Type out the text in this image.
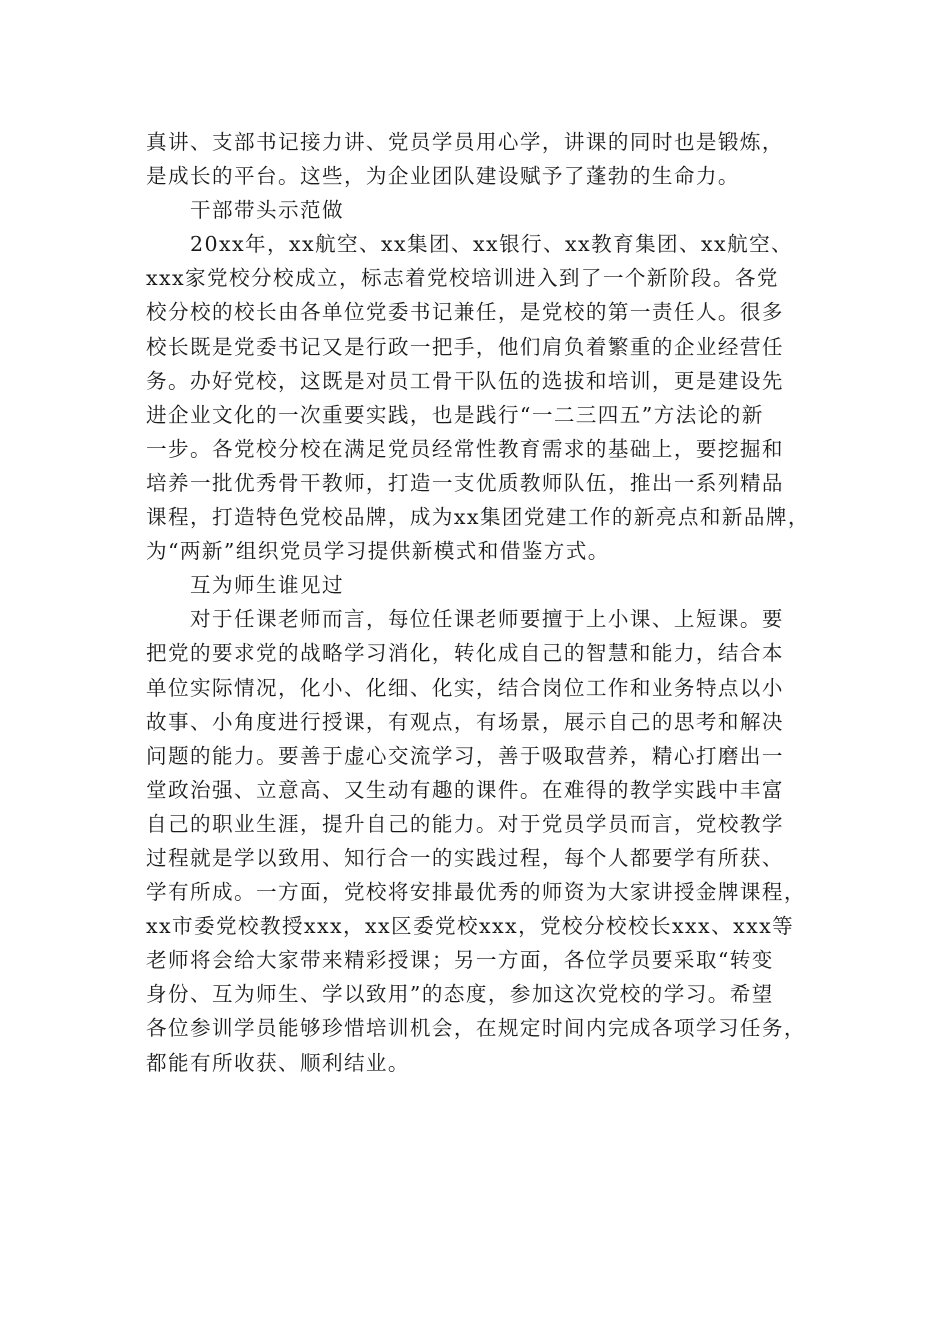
真讲、支部书记接力讲、党员学员用心学，讲课的同时也是锻炼，
是成长的平台。这些，为企业团队建设赋予了蓬勃的生命力。
干部带头示范做
20xx年，xx航空、xx集团、xx银行、xx教育集团、xx航空、
xxx家党校分校成立，标志着党校培训进入到了一个新阶段。各党
校分校的校长由各单位党委书记兼任，是党校的第一责任人。很多
校长既是党委书记又是行政一把手，他们肩负着繁重的企业经营任
务。办好党校，这既是对员工骨干队伍的选拔和培训，更是建设先
进企业文化的一次重要实践，也是践行“一二三四五”方法论的新
一步。各党校分校在满足党员经常性教育需求的基础上，要挖掘和
培养一批优秀骨干教师，打造一支优质教师队伍，推出一系列精品
课程，打造特色党校品牌，成为xx集团党建工作的新亮点和新品牌，
为“两新”组织党员学习提供新模式和借鉴方式。
互为师生谁见过
对于任课老师而言，每位任课老师要擅于上小课、上短课。要
把党的要求党的战略学习消化，转化成自己的智慧和能力，结合本
单位实际情况，化小、化细、化实，结合岗位工作和业务特点以小
故事、小角度进行授课，有观点，有场景，展示自己的思考和解决
问题的能力。要善于虚心交流学习，善于吸取营养，精心打磨出一
堂政治强、立意高、又生动有趣的课件。在难得的教学实践中丰富
自己的职业生涯，提升自己的能力。对于党员学员而言，党校教学
过程就是学以致用、知行合一的实践过程，每个人都要学有所获、
学有所成。一方面，党校将安排最优秀的师资为大家讲授金牌课程，
xx市委党校教授xxx，xx区委党校xxx，党校分校校长xxx、xxx等
老师将会给大家带来精彩授课；另一方面，各位学员要采取“转变
身份、互为师生、学以致用”的态度，参加这次党校的学习。希望
各位参训学员能够珍惜培训机会，在规定时间内完成各项学习任务，
都能有所收获、顺利结业。
